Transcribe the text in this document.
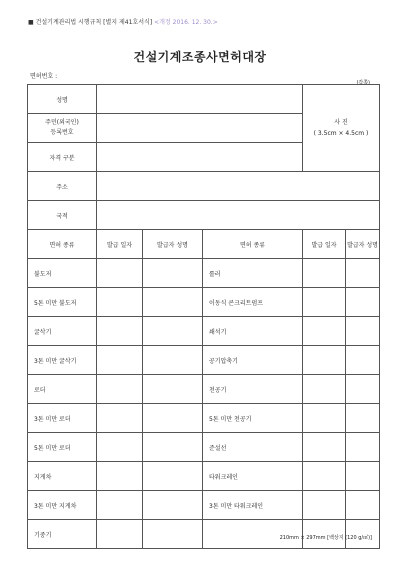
■ 건설기계관리법 시행규칙 [별지 제41호서식] <개정 2016. 12. 30.>
건설기계조종사면허대장
면허번호 :
(갑쪽)
성명				사 진
( 3.5cm × 4.5cm )	

주민(외국인)
등록번호					

자격 구분					
주소					
국적					
면허 종류	발급 일자	발급자 성명	면허 종류	발급 일자	발급자 성명
불도저			롤러		
5톤 미만 불도저			이동식 콘크리트펌프		
굴삭기			쇄석기		
3톤 미만 굴삭기			공기압축기		
로더			천공기		
3톤 미만 로더			5톤 미만 천공기		
5톤 미만 로더			준설선		
지게차			타워크레인		
3톤 미만 지게차			3톤 미만 타워크레인		
기중기						210mm × 297mm [백상지 (120 g/㎡)]
